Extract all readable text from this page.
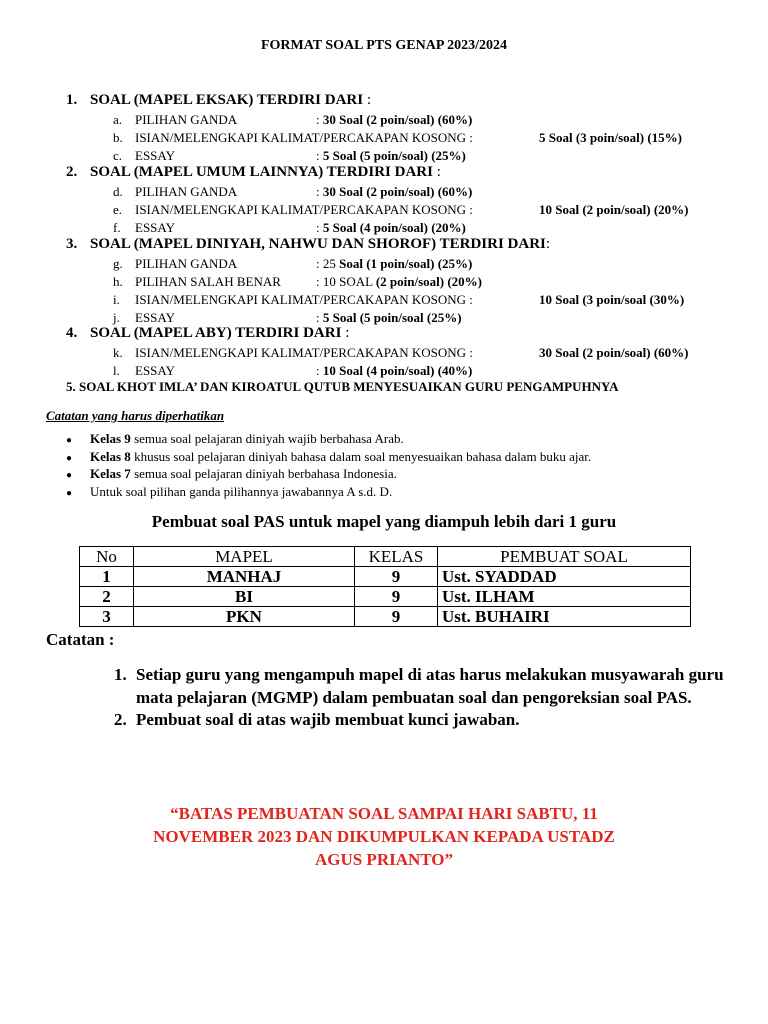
FORMAT SOAL PTS GENAP 2023/2024
1. SOAL (MAPEL EKSAK) TERDIRI DARI :
a. PILIHAN GANDA	: 30 Soal (2 poin/soal) (60%)
b. ISIAN/MELENGKAPI KALIMAT/PERCAKAPAN KOSONG :	5 Soal (3 poin/soal) (15%)
c. ESSAY	: 5 Soal (5 poin/soal) (25%)
2. SOAL (MAPEL UMUM LAINNYA) TERDIRI DARI :
d. PILIHAN GANDA	: 30 Soal (2 poin/soal) (60%)
e. ISIAN/MELENGKAPI KALIMAT/PERCAKAPAN KOSONG :	10 Soal (2 poin/soal) (20%)
f. ESSAY	: 5 Soal (4 poin/soal) (20%)
3. SOAL (MAPEL DINIYAH, NAHWU DAN SHOROF) TERDIRI DARI:
g. PILIHAN GANDA	: 25 Soal (1 poin/soal) (25%)
h. PILIHAN SALAH BENAR	: 10 SOAL (2 poin/soal) (20%)
i. ISIAN/MELENGKAPI KALIMAT/PERCAKAPAN KOSONG :	10 Soal (3 poin/soal (30%)
j. ESSAY	: 5 Soal (5 poin/soal (25%)
4. SOAL (MAPEL ABY) TERDIRI DARI :
k. ISIAN/MELENGKAPI KALIMAT/PERCAKAPAN KOSONG :	30 Soal (2 poin/soal) (60%)
l. ESSAY	: 10 Soal (4 poin/soal) (40%)
5. SOAL KHOT IMLA’ DAN KIROATUL QUTUB MENYESUAIKAN GURU PENGAMPUHNYA
Catatan yang harus diperhatikan
● Kelas 9 semua soal pelajaran diniyah wajib berbahasa Arab.
● Kelas 8 khusus soal pelajaran diniyah bahasa dalam soal menyesuaikan bahasa dalam buku ajar.
● Kelas 7 semua soal pelajaran diniyah berbahasa Indonesia.
● Untuk soal pilihan ganda pilihannya jawabannya A s.d. D.
Pembuat soal PAS untuk mapel yang diampuh lebih dari 1 guru
No	MAPEL	KELAS	PEMBUAT SOAL
1	MANHAJ	9	Ust. SYADDAD
2	BI	9	Ust. ILHAM
3	PKN	9	Ust. BUHAIRI
Catatan :
1. Setiap guru yang mengampuh mapel di atas harus melakukan musyawarah guru mata pelajaran (MGMP) dalam pembuatan soal dan pengoreksian soal PAS.
2. Pembuat soal di atas wajib membuat kunci jawaban.
“BATAS PEMBUATAN SOAL SAMPAI HARI SABTU, 11 NOVEMBER 2023 DAN DIKUMPULKAN KEPADA USTADZ AGUS PRIANTO”
